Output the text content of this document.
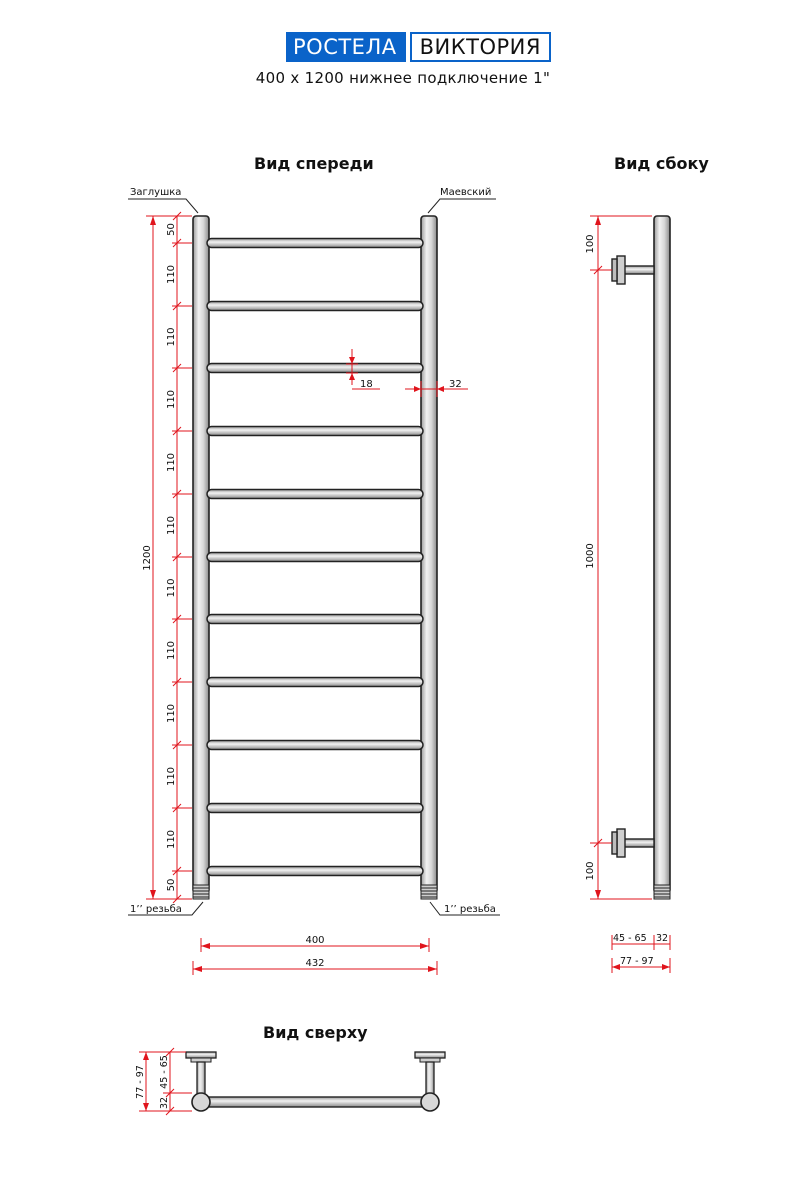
РОСТЕЛА	ВИКТОРИЯ
400 x 1200 нижнее подключение 1"
Вид спереди	Вид сбоку
Вид сверху
Заглушка	Маевский
1’’ резьба	1’’ резьба
1200
50
110
110
110
110
110
110
110
110
110
110
50
18	32
400
432
100
1000
100
45 - 65 32
77 - 97
77 - 97
32
45 - 65
